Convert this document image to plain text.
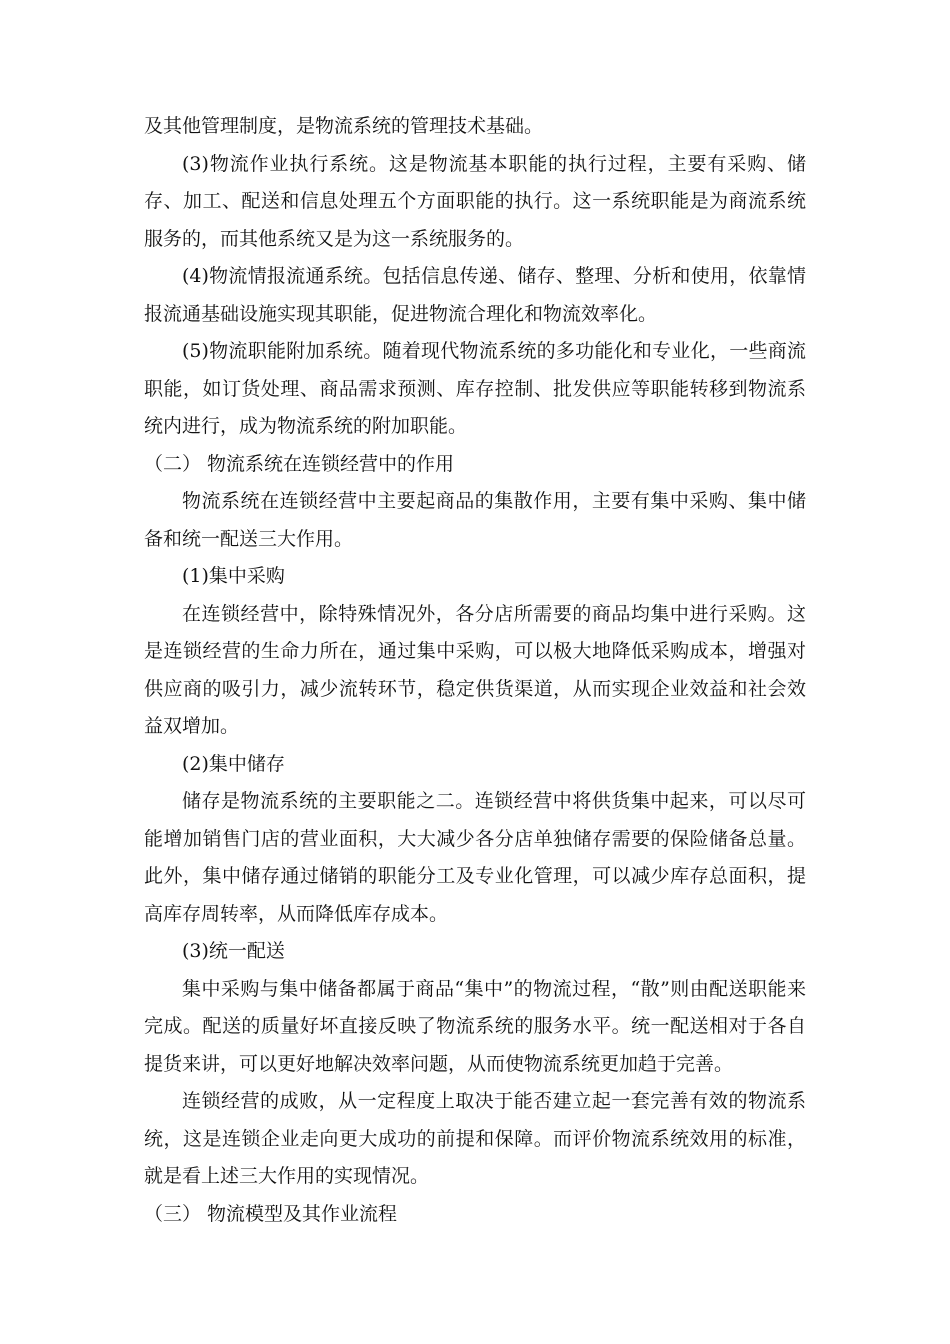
及其他管理制度，是物流系统的管理技术基础。

(3)物流作业执行系统。这是物流基本职能的执行过程，主要有采购、储存、加工、配送和信息处理五个方面职能的执行。这一系统职能是为商流系统服务的，而其他系统又是为这一系统服务的。

(4)物流情报流通系统。包括信息传递、储存、整理、分析和使用，依靠情报流通基础设施实现其职能，促进物流合理化和物流效率化。

(5)物流职能附加系统。随着现代物流系统的多功能化和专业化，一些商流职能，如订货处理、商品需求预测、库存控制、批发供应等职能转移到物流系统内进行，成为物流系统的附加职能。

（二） 物流系统在连锁经营中的作用

物流系统在连锁经营中主要起商品的集散作用，主要有集中采购、集中储备和统一配送三大作用。

(1)集中采购

在连锁经营中，除特殊情况外，各分店所需要的商品均集中进行采购。这是连锁经营的生命力所在，通过集中采购，可以极大地降低采购成本，增强对供应商的吸引力，减少流转环节，稳定供货渠道，从而实现企业效益和社会效益双增加。

(2)集中储存

储存是物流系统的主要职能之二。连锁经营中将供货集中起来，可以尽可能增加销售门店的营业面积，大大减少各分店单独储存需要的保险储备总量。此外，集中储存通过储销的职能分工及专业化管理，可以减少库存总面积，提高库存周转率，从而降低库存成本。

(3)统一配送

集中采购与集中储备都属于商品“集中”的物流过程，“散”则由配送职能来完成。配送的质量好坏直接反映了物流系统的服务水平。统一配送相对于各自提货来讲，可以更好地解决效率问题，从而使物流系统更加趋于完善。

连锁经营的成败，从一定程度上取决于能否建立起一套完善有效的物流系统，这是连锁企业走向更大成功的前提和保障。而评价物流系统效用的标准，就是看上述三大作用的实现情况。

（三） 物流模型及其作业流程
